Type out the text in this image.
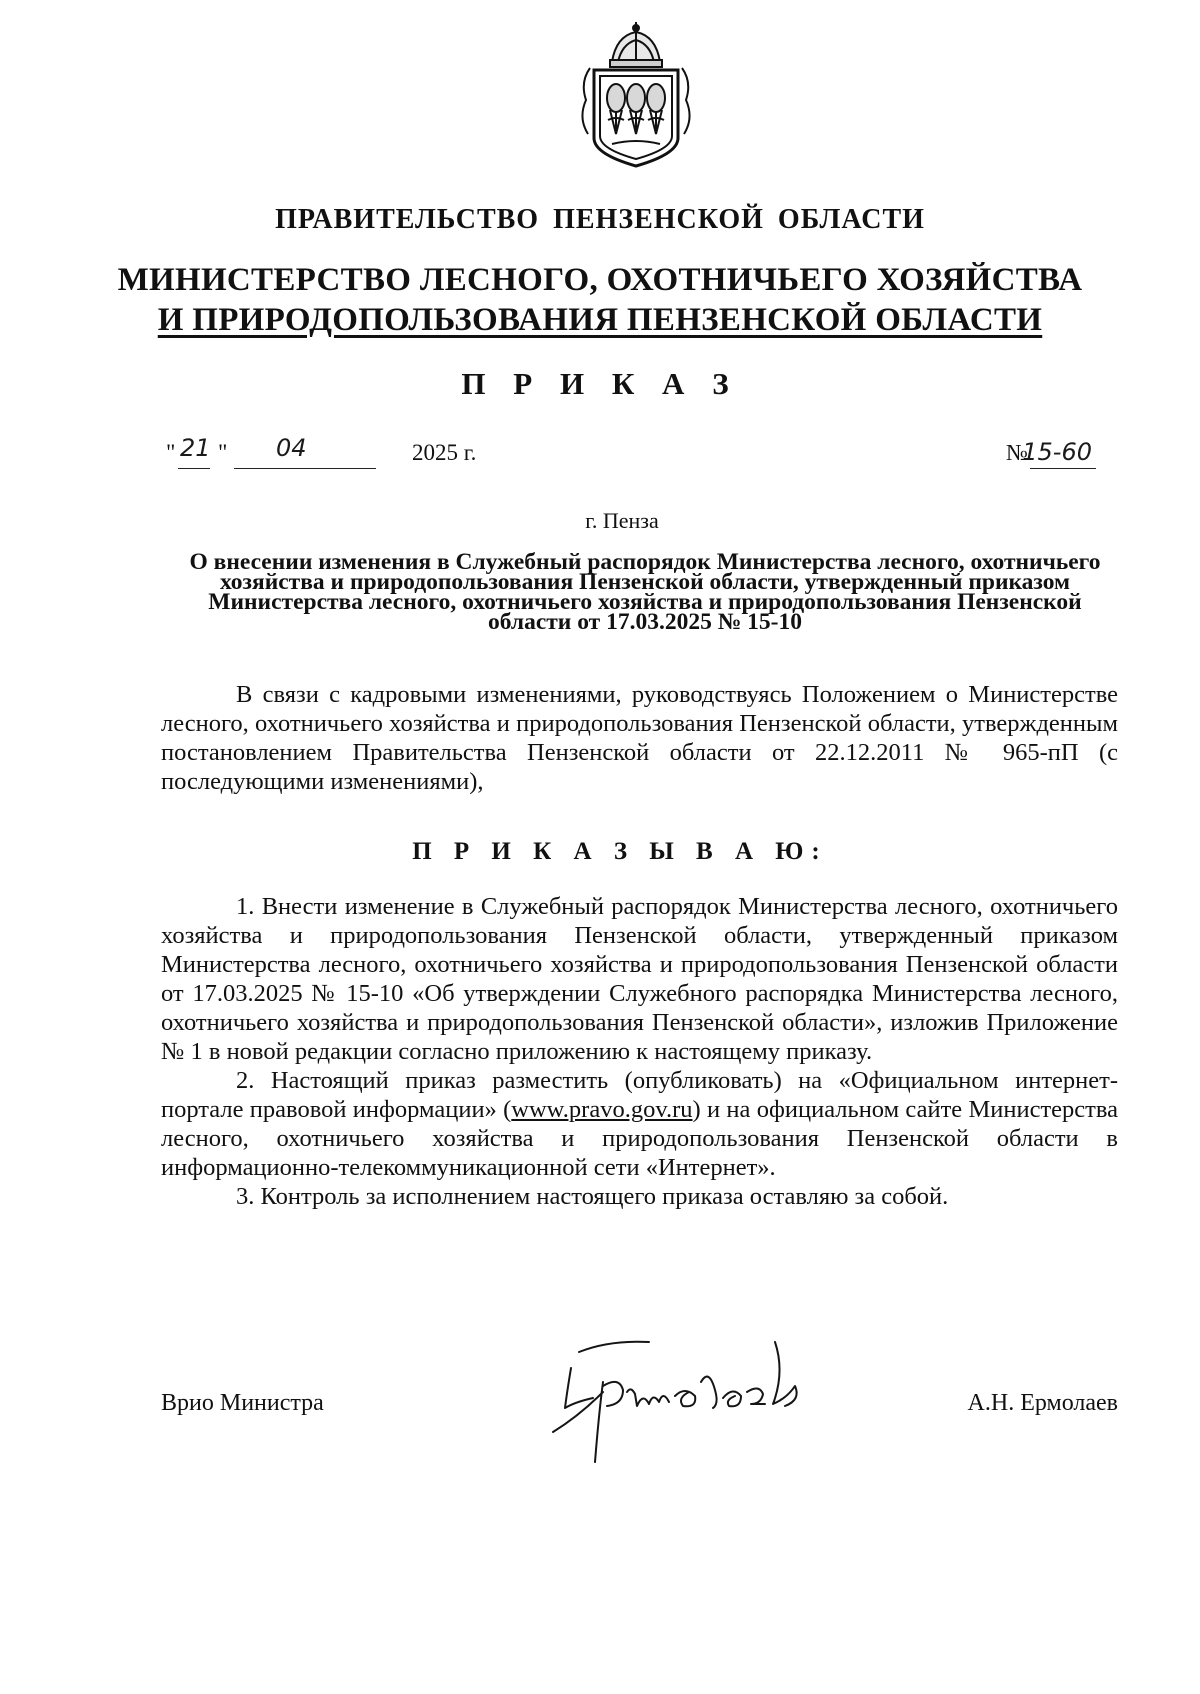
ПРАВИТЕЛЬСТВО ПЕНЗЕНСКОЙ ОБЛАСТИ
МИНИСТЕРСТВО ЛЕСНОГО, ОХОТНИЧЬЕГО ХОЗЯЙСТВА
И ПРИРОДОПОЛЬЗОВАНИЯ ПЕНЗЕНСКОЙ ОБЛАСТИ
П Р И К А З
" 21 " 04	2025 г.	№
15-60
г. Пенза
О внесении изменения в Служебный распорядок Министерства лесного, охотничьего хозяйства и природопользования Пензенской области, утвержденный приказом Министерства лесного, охотничьего хозяйства и природопользования Пензенской области от 17.03.2025 № 15-10

В связи с кадровыми изменениями, руководствуясь Положением о Министерстве лесного, охотничьего хозяйства и природопользования Пензенской области, утвержденным постановлением Правительства Пензенской области от 22.12.2011 № 965-пП (с последующими изменениями),

П Р И К А З Ы В А Ю:

1. Внести изменение в Служебный распорядок Министерства лесного, охотничьего хозяйства и природопользования Пензенской области, утвержденный приказом Министерства лесного, охотничьего хозяйства и природопользования Пензенской области от 17.03.2025 № 15-10 «Об утверждении Служебного распорядка Министерства лесного, охотничьего хозяйства и природопользования Пензенской области», изложив Приложение № 1 в новой редакции согласно приложению к настоящему приказу.

2. Настоящий приказ разместить (опубликовать) на «Официальном интернет-портале правовой информации» (www.pravo.gov.ru) и на официальном сайте Министерства лесного, охотничьего хозяйства и природопользования Пензенской области в информационно-телекоммуникационной сети «Интернет».

3. Контроль за исполнением настоящего приказа оставляю за собой.

Врио Министра	А.Н. Ермолаев
